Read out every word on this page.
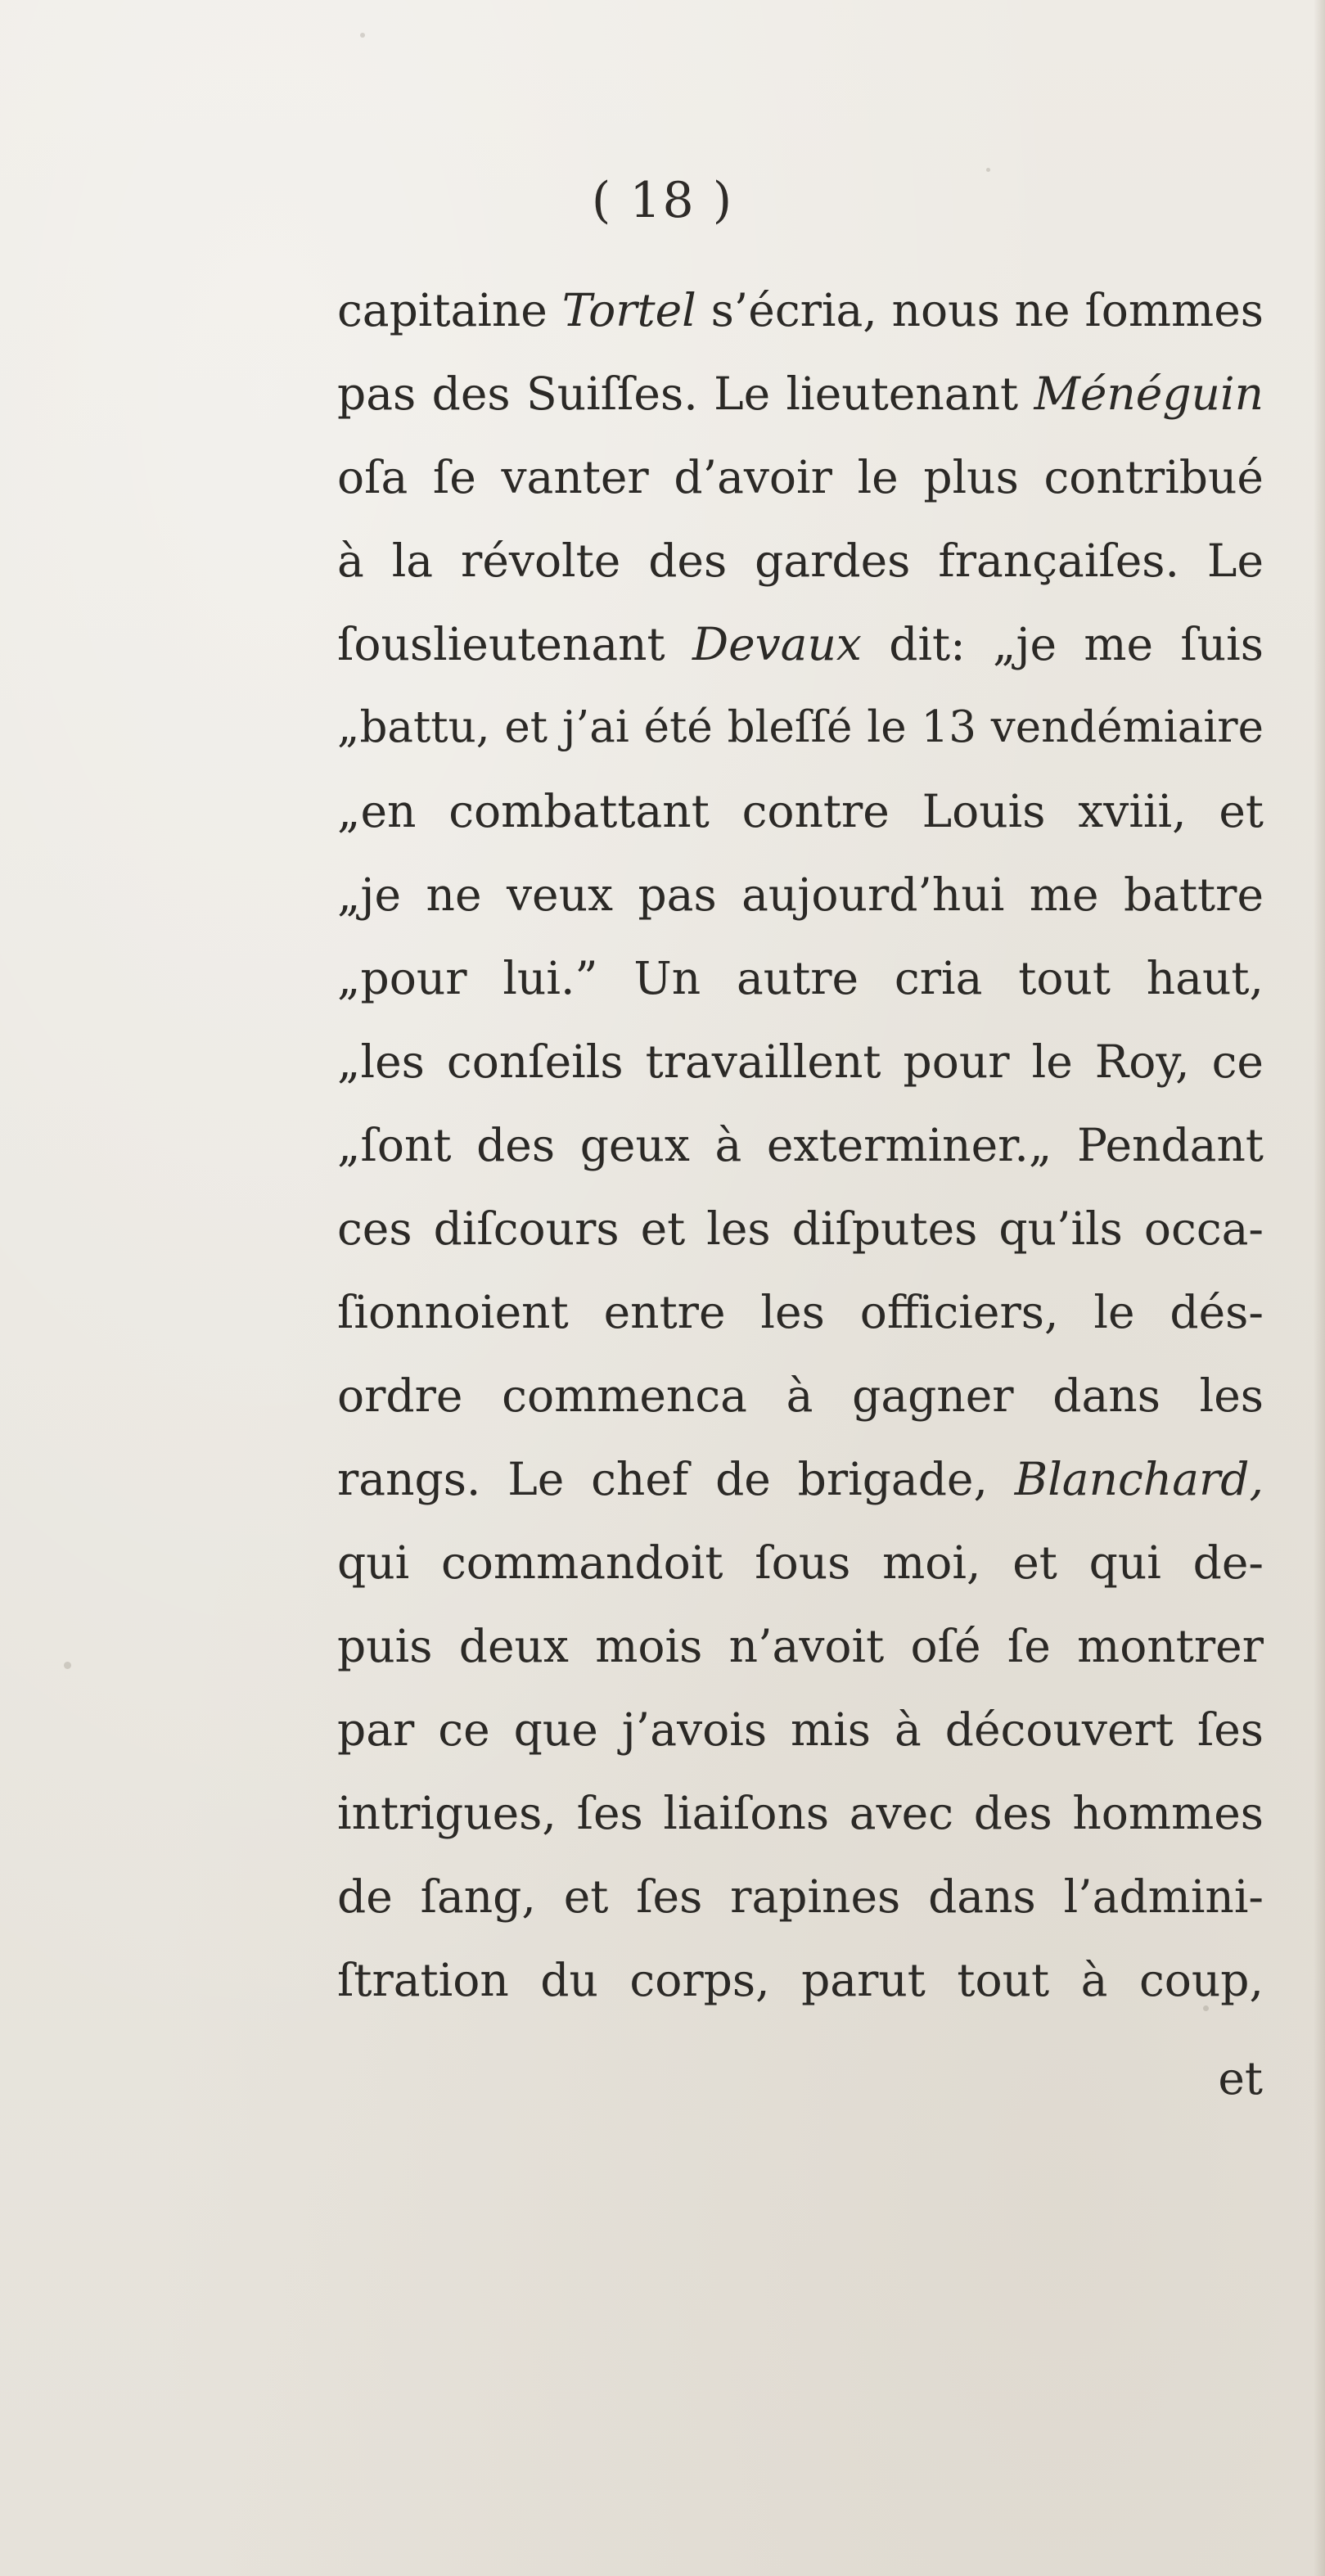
( 18 )

capitaine Tortel s’écria, nous ne ſommes
pas des Suiſſes. Le lieutenant Ménéguin
oſa ſe vanter d’avoir le plus contribué
à la révolte des gardes françaiſes. Le
ſouslieutenant Devaux dit: „je me ſuis
„battu, et j’ai été bleſſé le 13 vendémiaire
„en combattant contre Louis xviii, et
„je ne veux pas aujourd’hui me battre
„pour lui.” Un autre cria tout haut,
„les conſeils travaillent pour le Roy, ce
„ſont des geux à exterminer.„ Pendant
ces diſcours et les diſputes qu’ils occa-
ſionnoient entre les officiers, le dés-
ordre commenca à gagner dans les
rangs. Le chef de brigade, Blanchard,
qui commandoit ſous moi, et qui de-
puis deux mois n’avoit oſé ſe montrer
par ce que j’avois mis à découvert ſes
intrigues, ſes liaiſons avec des hommes
de ſang, et ſes rapines dans l’admini-
ſtration du corps, parut tout à coup,

et
